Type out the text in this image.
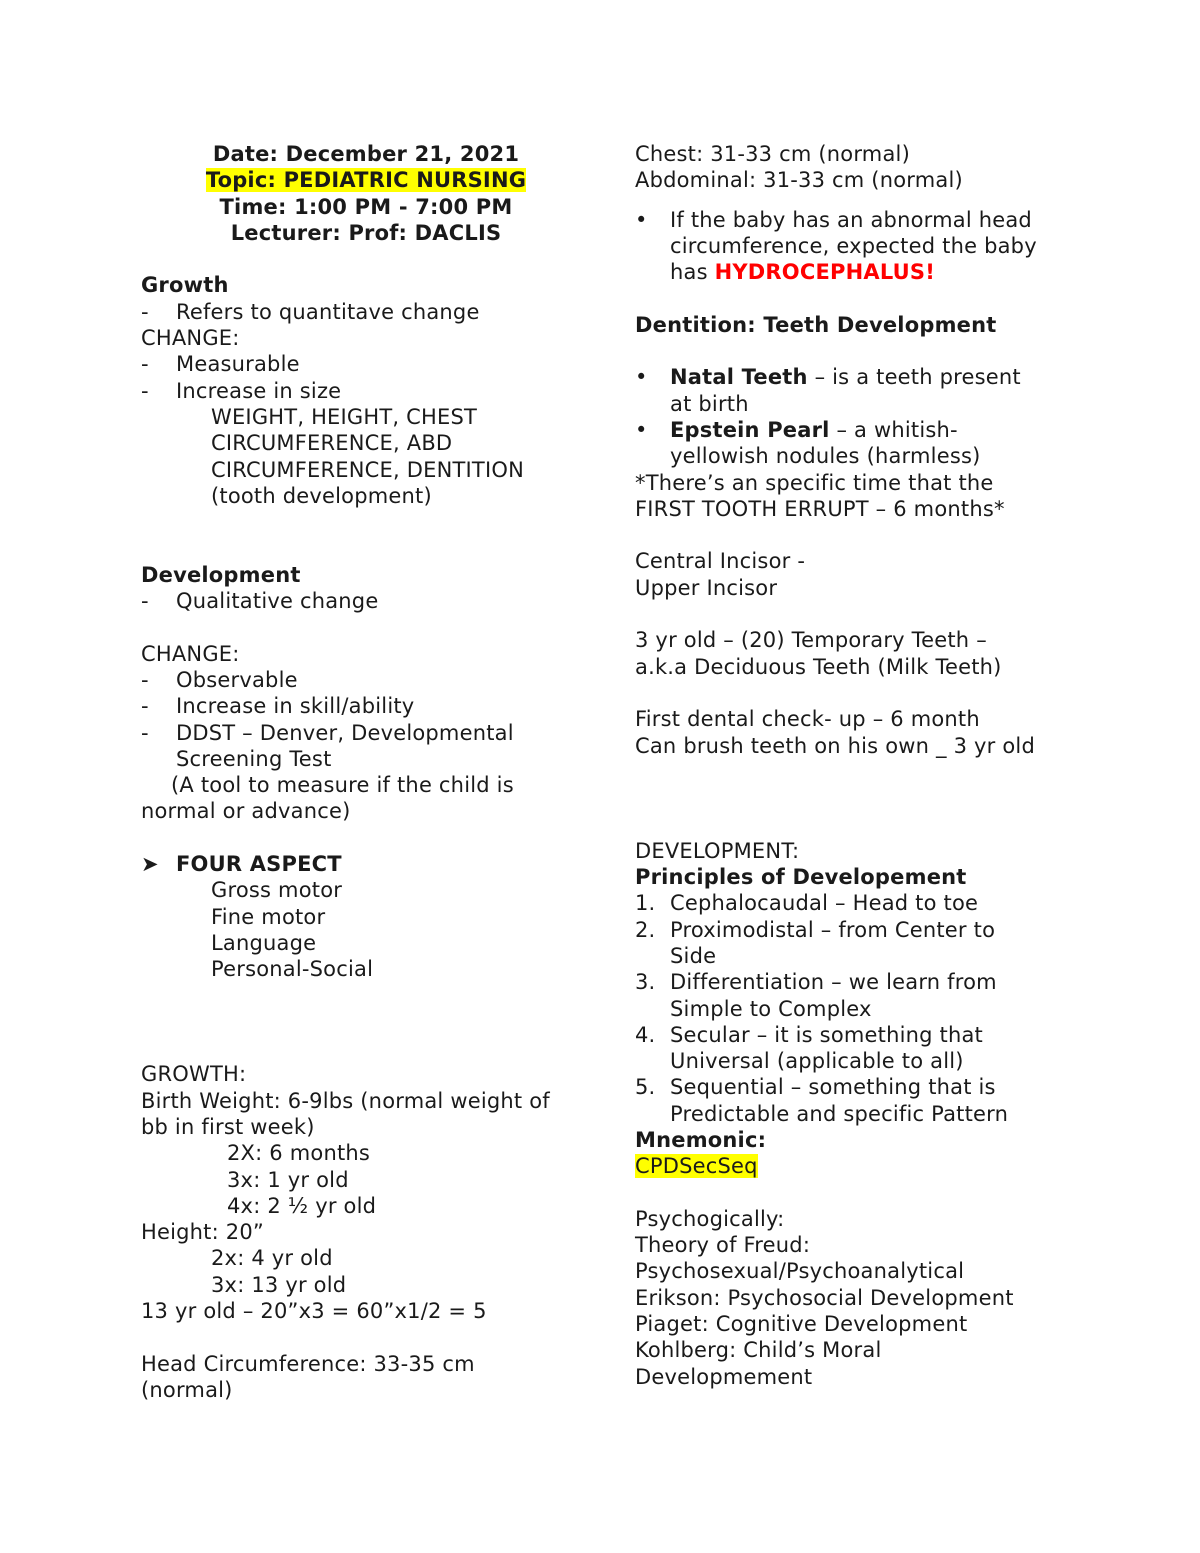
Date: December 21, 2021
Topic: PEDIATRIC NURSING
Time: 1:00 PM - 7:00 PM
Lecturer: Prof: DACLIS
Growth
- Refers to quantitave change
CHANGE:
- Measurable
- Increase in size
WEIGHT, HEIGHT, CHEST
CIRCUMFERENCE, ABD
CIRCUMFERENCE, DENTITION
(tooth development)
Development
- Qualitative change
CHANGE:
- Observable
- Increase in skill/ability
- DDST – Denver, Developmental
Screening Test
(A tool to measure if the child is
normal or advance)
➤ FOUR ASPECT
Gross motor
Fine motor
Language
Personal-Social
GROWTH:
Birth Weight: 6-9lbs (normal weight of
bb in first week)
2X: 6 months
3x: 1 yr old
4x: 2 ½ yr old
Height: 20”
2x: 4 yr old
3x: 13 yr old
13 yr old – 20”x3 = 60”x1/2 = 5
Head Circumference: 33-35 cm
(normal)
Chest: 31-33 cm (normal)
Abdominal: 31-33 cm (normal)
• If the baby has an abnormal head
circumference, expected the baby
has HYDROCEPHALUS!
Dentition: Teeth Development
• Natal Teeth – is a teeth present
at birth
• Epstein Pearl – a whitish-
yellowish nodules (harmless)
*There’s an specific time that the
FIRST TOOTH ERRUPT – 6 months*
Central Incisor -
Upper Incisor
3 yr old – (20) Temporary Teeth –
a.k.a Deciduous Teeth (Milk Teeth)
First dental check- up – 6 month
Can brush teeth on his own _ 3 yr old
DEVELOPMENT:
Principles of Developement
1. Cephalocaudal – Head to toe
2. Proximodistal – from Center to
Side
3. Differentiation – we learn from
Simple to Complex
4. Secular – it is something that
Universal (applicable to all)
5. Sequential – something that is
Predictable and specific Pattern
Mnemonic:
CPDSecSeq
Psychogically:
Theory of Freud:
Psychosexual/Psychoanalytical
Erikson: Psychosocial Development
Piaget: Cognitive Development
Kohlberg: Child’s Moral
Developmement
